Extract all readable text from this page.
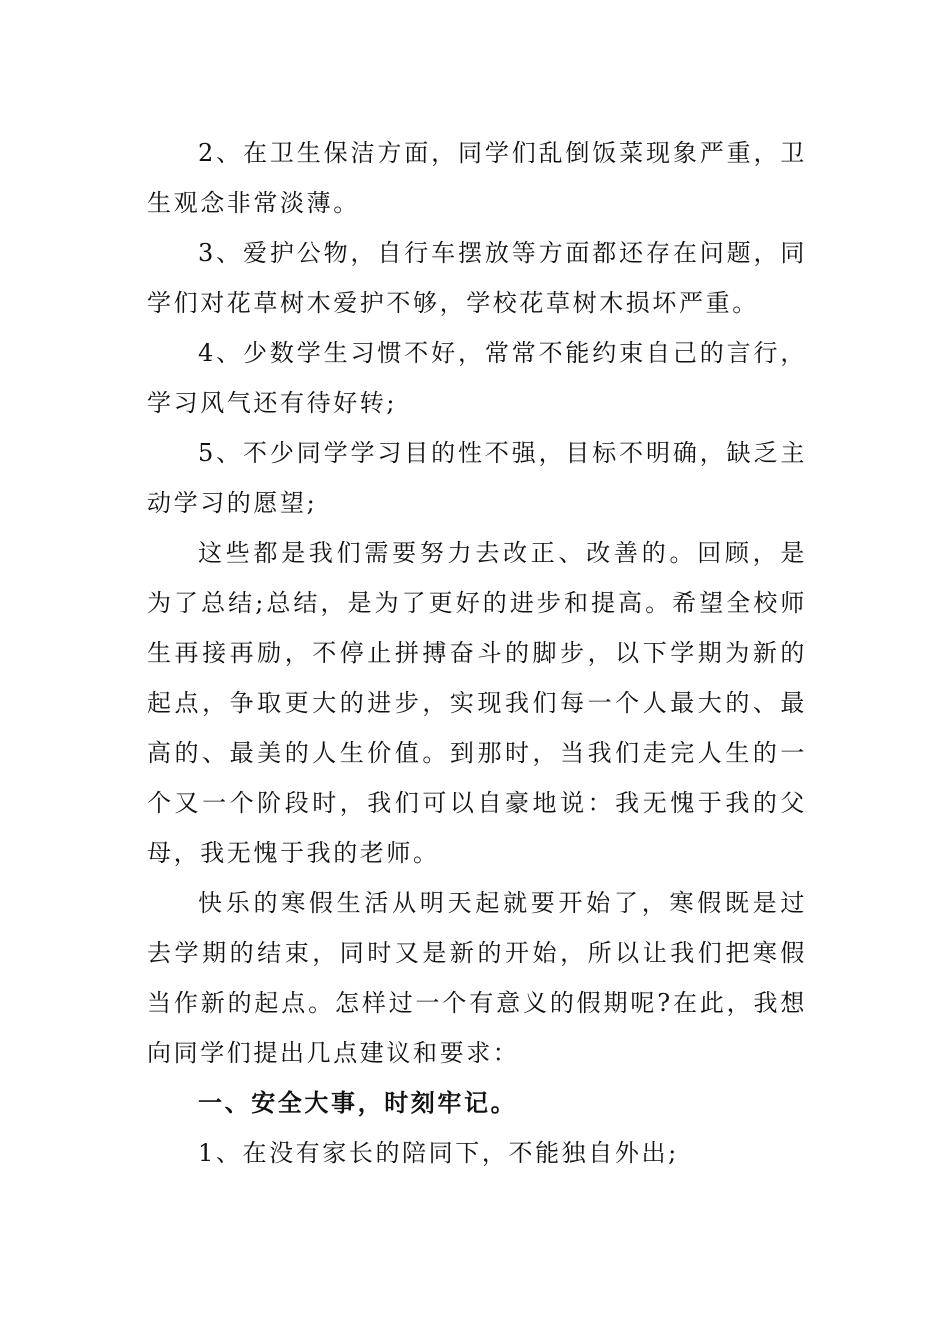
2、在卫生保洁方面，同学们乱倒饭菜现象严重，卫生观念非常淡薄。

3、爱护公物，自行车摆放等方面都还存在问题，同学们对花草树木爱护不够，学校花草树木损坏严重。

4、少数学生习惯不好，常常不能约束自己的言行，学习风气还有待好转;

5、不少同学学习目的性不强，目标不明确，缺乏主动学习的愿望;

这些都是我们需要努力去改正、改善的。回顾，是为了总结;总结，是为了更好的进步和提高。希望全校师生再接再励，不停止拼搏奋斗的脚步，以下学期为新的起点，争取更大的进步，实现我们每一个人最大的、最高的、最美的人生价值。到那时，当我们走完人生的一个又一个阶段时，我们可以自豪地说：我无愧于我的父母，我无愧于我的老师。

快乐的寒假生活从明天起就要开始了，寒假既是过去学期的结束，同时又是新的开始，所以让我们把寒假当作新的起点。怎样过一个有意义的假期呢?在此，我想向同学们提出几点建议和要求：

一、安全大事，时刻牢记。

1、在没有家长的陪同下，不能独自外出;
